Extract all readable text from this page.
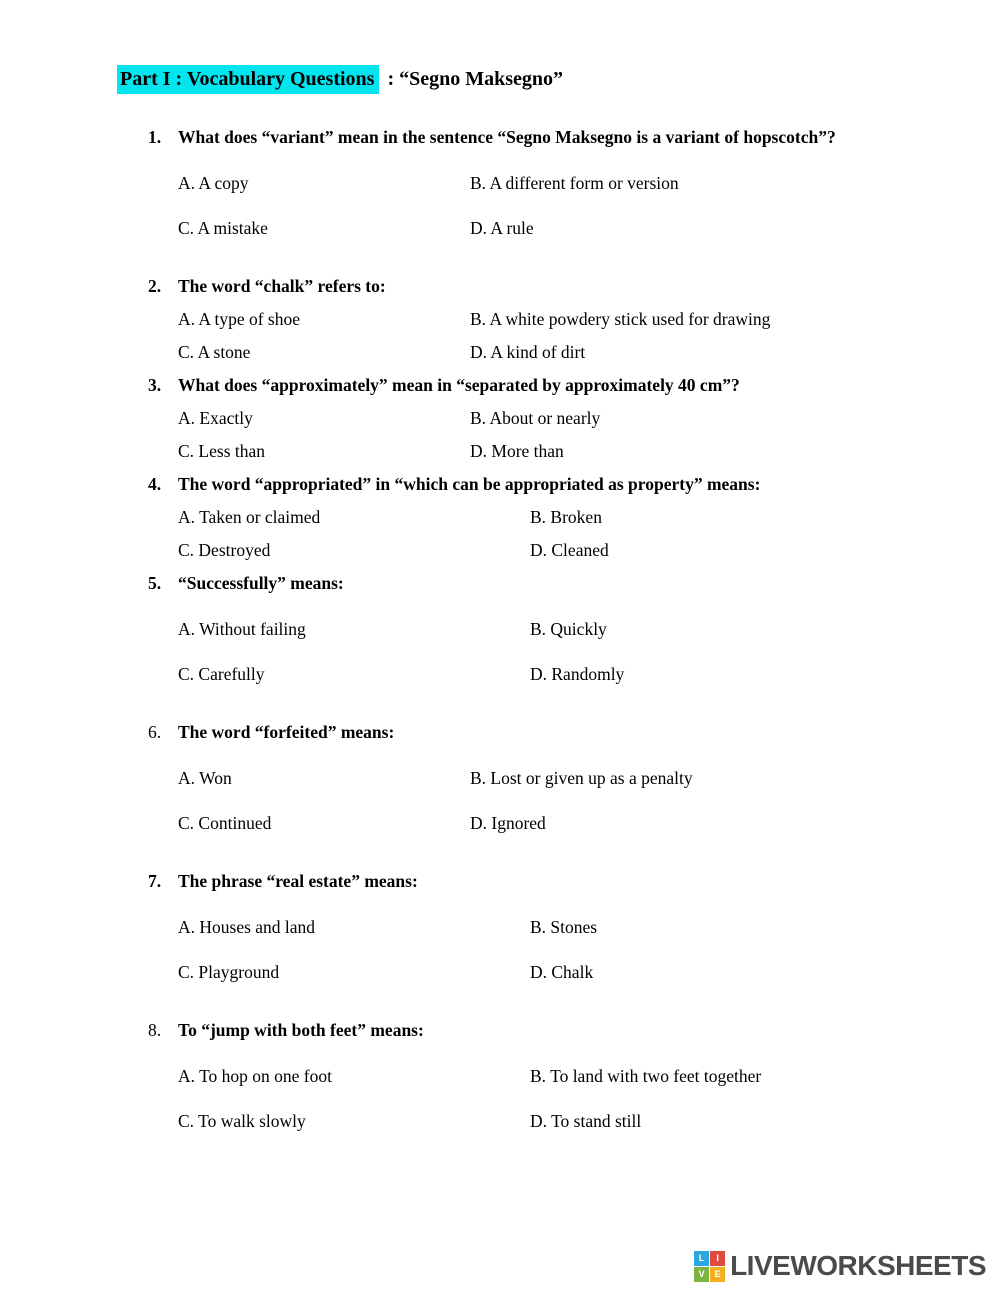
Part I : Vocabulary Questions : “Segno Maksegno”
1. What does “variant” mean in the sentence “Segno Maksegno is a variant of hopscotch”?
A. A copy	B. A different form or version
C. A mistake	D. A rule
2. The word “chalk” refers to:
A. A type of shoe	B. A white powdery stick used for drawing
C. A stone	D. A kind of dirt
3. What does “approximately” mean in “separated by approximately 40 cm”?
A. Exactly	B. About or nearly
C. Less than	D. More than
4. The word “appropriated” in “which can be appropriated as property” means:
A. Taken or claimed	B. Broken
C. Destroyed	D. Cleaned
5. “Successfully” means:
A. Without failing	B. Quickly
C. Carefully	D. Randomly
6. The word “forfeited” means:
A. Won	B. Lost or given up as a penalty
C. Continued	D. Ignored
7. The phrase “real estate” means:
A. Houses and land	B. Stones
C. Playground	D. Chalk
8. To “jump with both feet” means:
A. To hop on one foot	B. To land with two feet together
C. To walk slowly	D. To stand still
L	I
V	E LIVEWORKSHEETS
